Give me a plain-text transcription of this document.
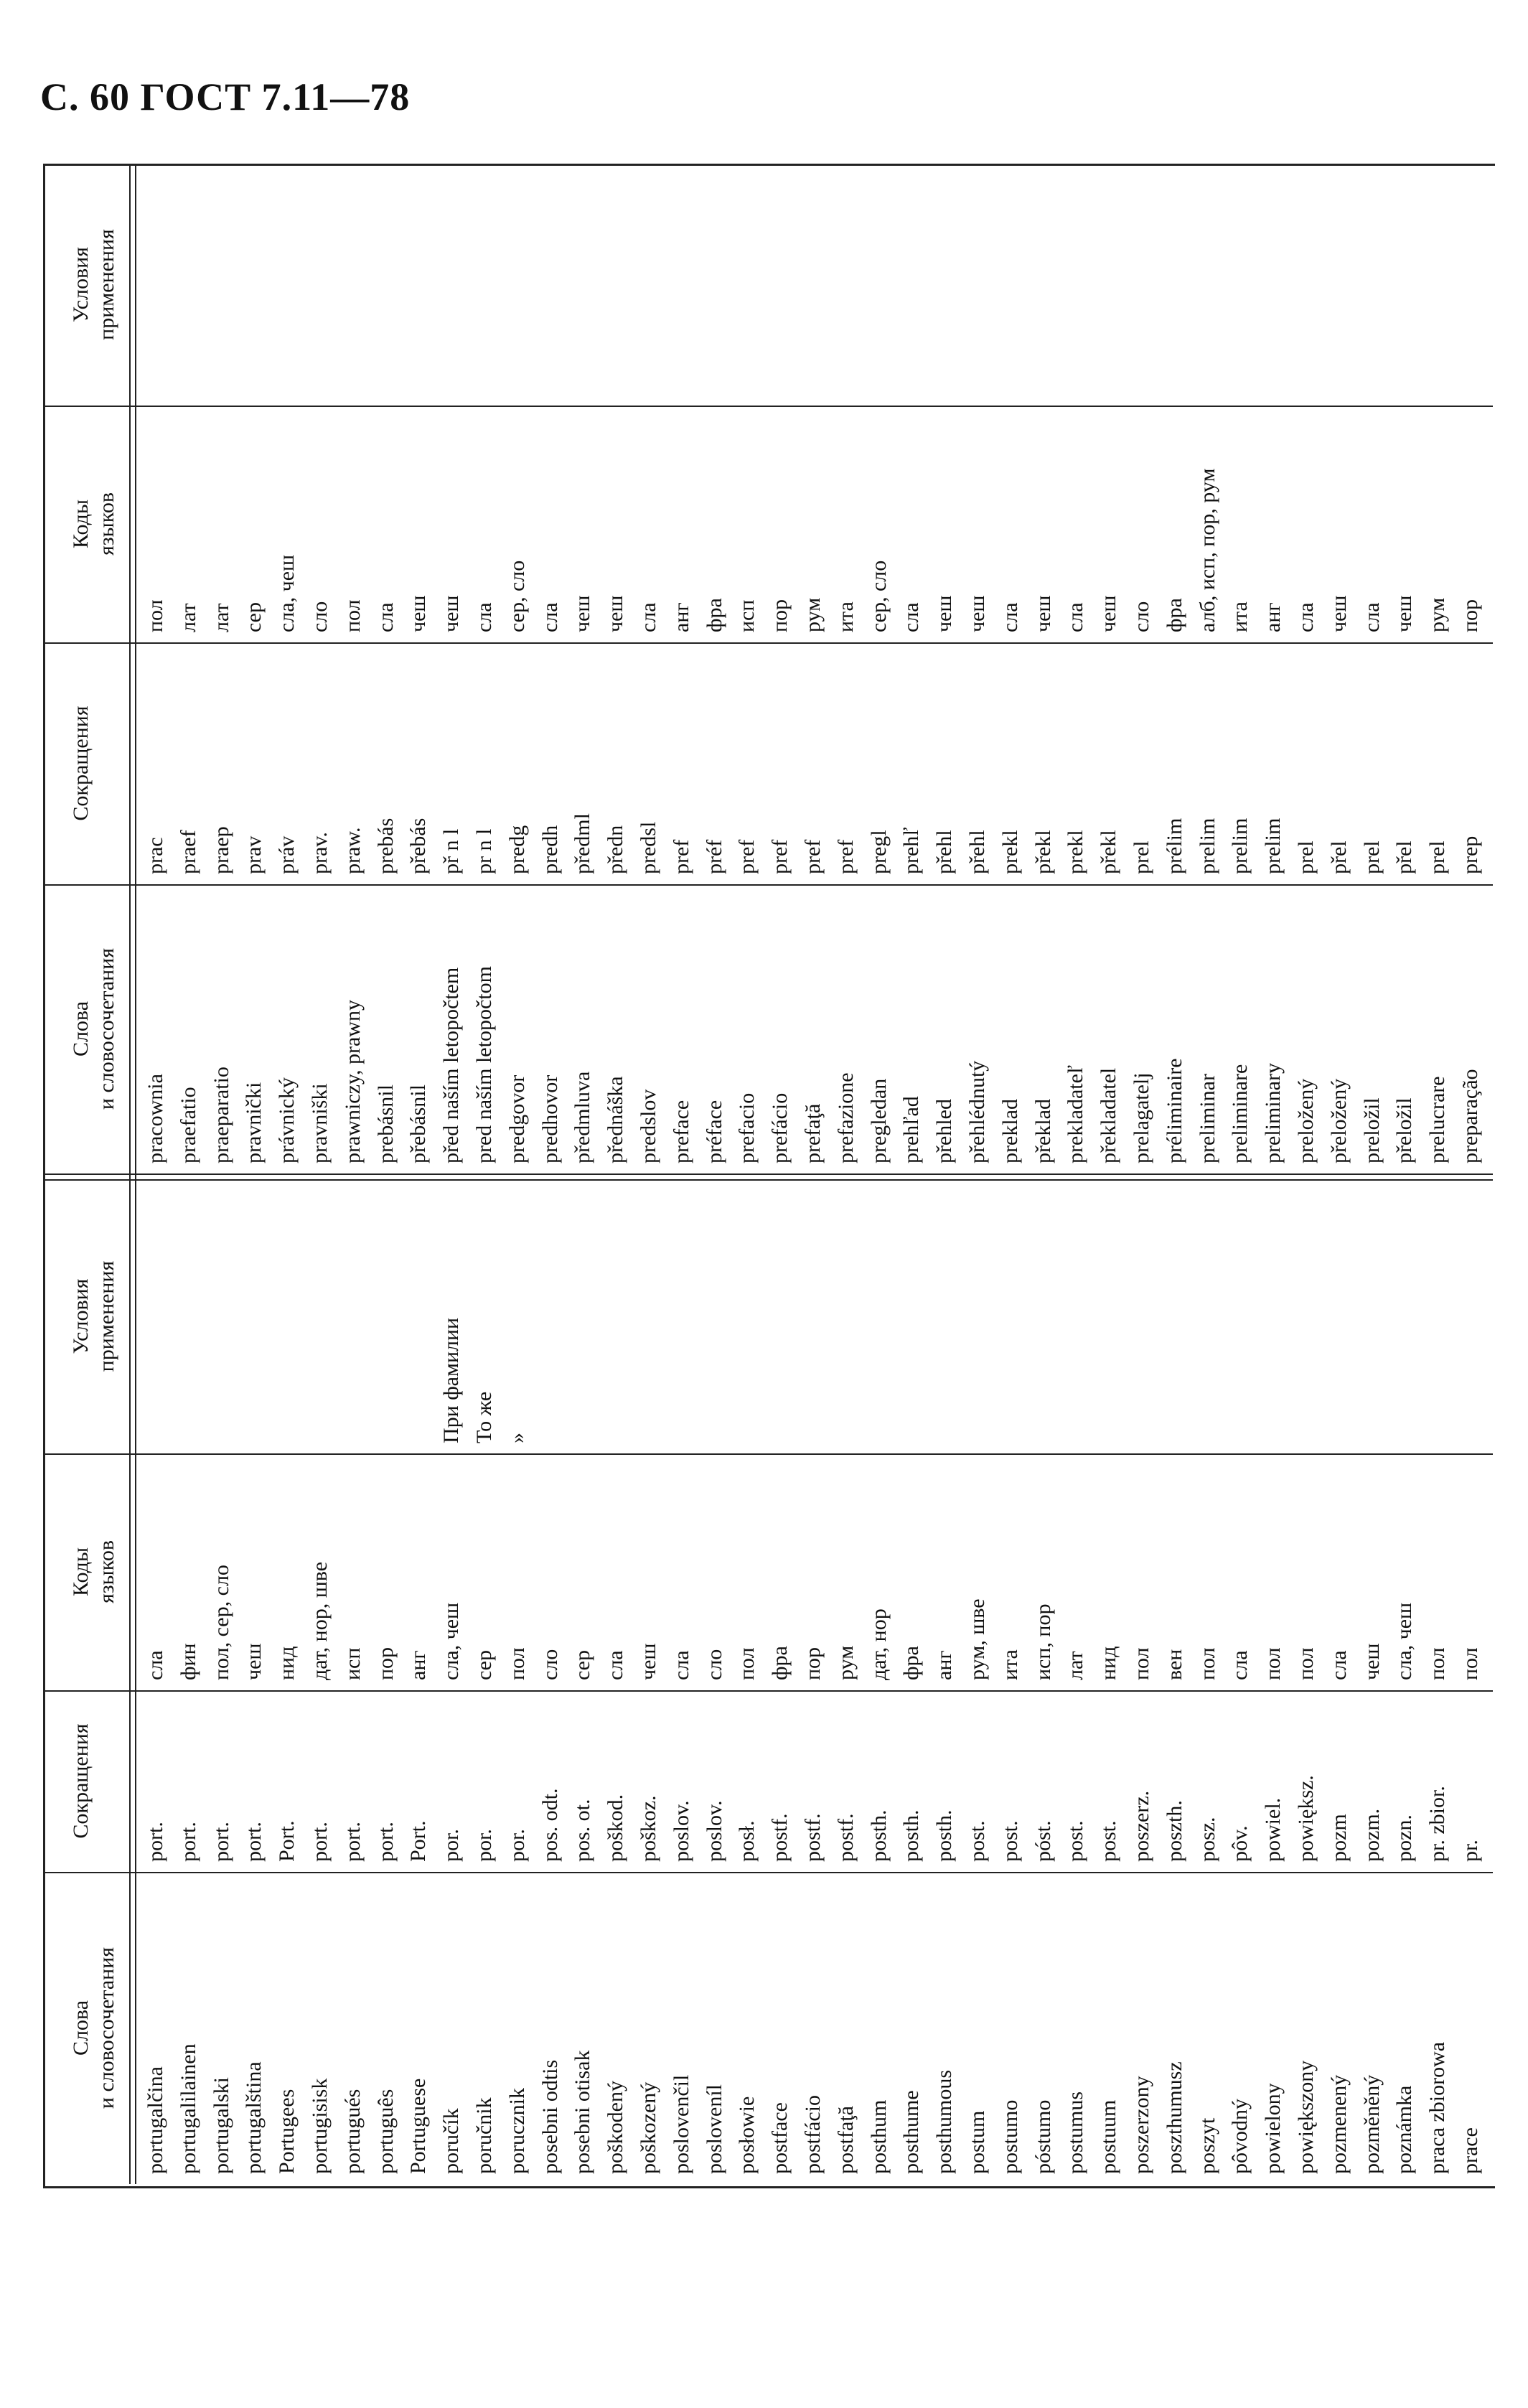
С. 60 ГОСТ 7.11—78
Слова и словосочетания
Сокращения
Коды языков
Условия применения
Слова и словосочетания
Сокращения
Коды языков
Условия применения
portugalčina
port.
сла
portugalilainen
port.
фин
portugalski
port.
пол, сер, сло
portugalština
port.
чеш
Portugees
Port.
нид
portugisisk
port.
дат, нор, шве
portugués
port.
исп
português
port.
пор
Portuguese
Port.
анг
poručík
por.
сла, чеш
При фамилии
poručnik
por.
сер
То же
porucznik
por.
пол
»
posebni odtis
pos. odt.
сло
posebni otisak
pos. ot.
сер
poškodený
poškod.
сла
poškozený
poškoz.
чеш
poslovenčil
poslov.
сла
posloveníl
poslov.
сло
posłowie
posł.
пол
postface
postf.
фра
postfácio
postf.
пор
postfaţă
postf.
рум
posthum
posth.
дат, нор
posthume
posth.
фра
posthumous
posth.
анг
postum
post.
рум, шве
postumo
post.
ита
póstumo
póst.
исп, пор
postumus
post.
лат
postuum
post.
нид
poszerzony
poszerz.
пол
poszthumusz
poszth.
вен
poszyt
posz.
пол
pôvodný
pôv.
сла
powielony
powiel.
пол
powiększony
powiększ.
пол
pozmenený
pozm
сла
pozměněný
pozm.
чеш
poznámka
pozn.
сла, чеш
praca zbiorowa
pr. zbior.
пол
prace
pr.
пол
pracownia
prac
пол
praefatio
praef
лат
praeparatio
praep
лат
pravnički
prav
сер
právnický
práv
сла, чеш
pravniški
prav.
сло
prawniczy, prawny
praw.
пол
prebásnil
prebás
сла
přebásnil
přebás
чеш
před naším letopočtem
př n l
чеш
pred naším letopočtom
pr n l
сла
predgovor
predg
сер, сло
predhovor
predh
сла
předmluva
předml
чеш
přednáška
předn
чеш
predslov
predsl
сла
preface
pref
анг
préface
préf
фра
prefacio
pref
исп
prefácio
pref
пор
prefaţă
pref
рум
prefazione
pref
ита
pregledan
pregl
сер, сло
prehľad
prehľ
сла
přehled
přehl
чеш
přehlédnutý
přehl
чеш
preklad
prekl
сла
překlad
překl
чеш
prekladateľ
prekl
сла
překladatel
překl
чеш
prelagatelj
prel
сло
préliminaire
prélim
фра
preliminar
prelim
алб, исп, пор, рум
preliminare
prelim
ита
preliminary
prelim
анг
preložený
prel
сла
přeložený
přel
чеш
preložil
prel
сла
přeložil
přel
чеш
prelucrare
prel
рум
preparação
prep
пор
